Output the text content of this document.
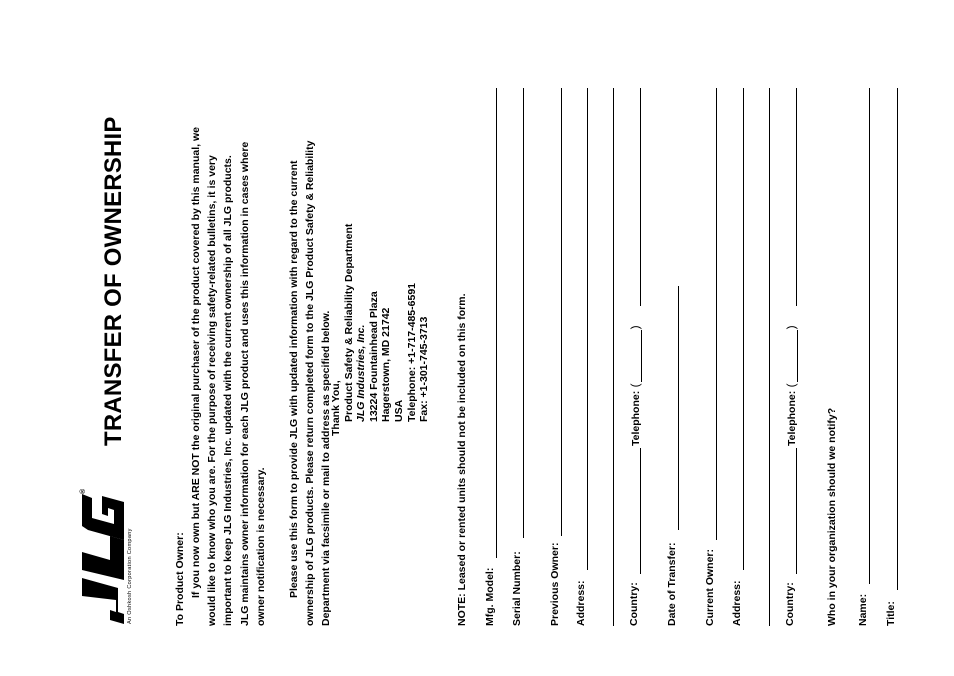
®
An Oshkosh Corporation Company
TRANSFER OF OWNERSHIP
To Product Owner: If you now own but ARE NOT the original purchaser of the product covered by this manual, we would like to know who you are. For the purpose of receiving safety-related bulletins, it is very important to keep JLG Industries, Inc. updated with the current ownership of all JLG products. JLG maintains owner information for each JLG product and uses this information in cases where owner notification is necessary. Please use this form to provide JLG with updated information with regard to the current ownership of JLG products. Please return completed form to the JLG Product Safety & Reliability Department via facsimile or mail to address as specified below.
Thank You, Product Safety & Reliability Department JLG Industries, Inc. 13224 Fountainhead Plaza Hagerstown, MD 21742 USA Telephone: +1-717-485-6591 Fax: +1-301-745-3713 NOTE: Leased or rented units should not be included on this form. Mfg. Model: Serial Number: Previous Owner: Address:	Country:
Telephone:
(
)
Date of Transfer: Current Owner: Address:	Country:
Telephone:
(
)
Who in your organization should we notify? Name: Title:
